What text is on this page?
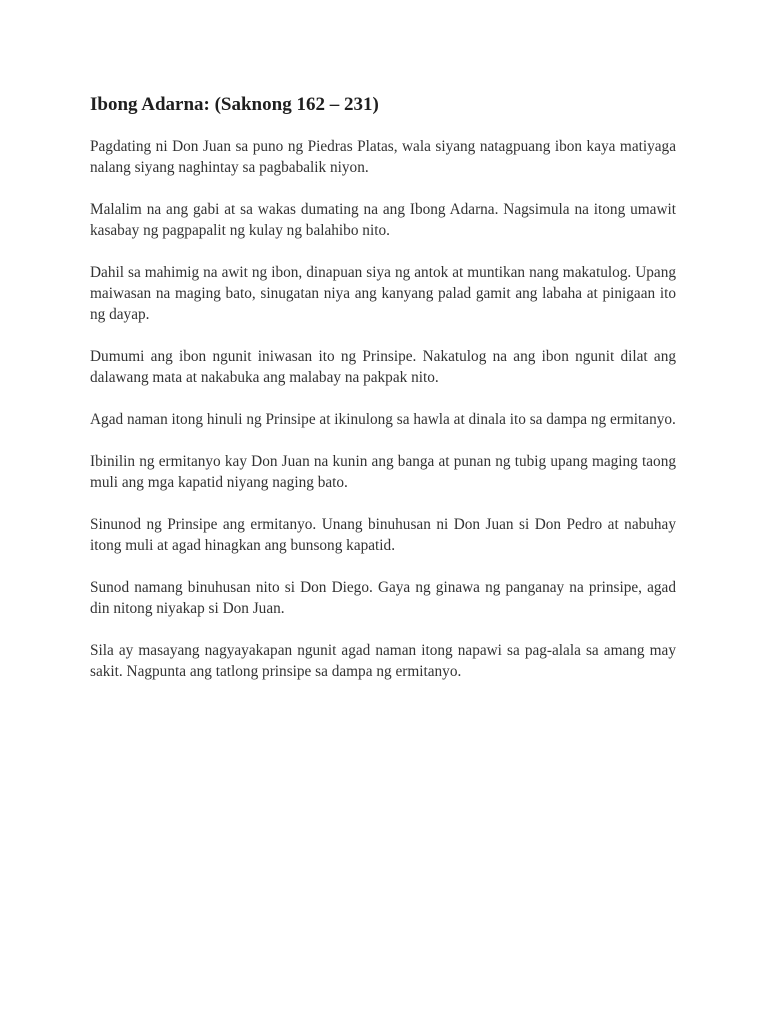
Ibong Adarna: (Saknong 162 – 231)

Pagdating ni Don Juan sa puno ng Piedras Platas, wala siyang natagpuang ibon kaya matiyaga nalang siyang naghintay sa pagbabalik niyon.

Malalim na ang gabi at sa wakas dumating na ang Ibong Adarna. Nagsimula na itong umawit kasabay ng pagpapalit ng kulay ng balahibo nito.

Dahil sa mahimig na awit ng ibon, dinapuan siya ng antok at muntikan nang makatulog. Upang maiwasan na maging bato, sinugatan niya ang kanyang palad gamit ang labaha at pinigaan ito ng dayap.

Dumumi ang ibon ngunit iniwasan ito ng Prinsipe. Nakatulog na ang ibon ngunit dilat ang dalawang mata at nakabuka ang malabay na pakpak nito.

Agad naman itong hinuli ng Prinsipe at ikinulong sa hawla at dinala ito sa dampa ng ermitanyo.

Ibinilin ng ermitanyo kay Don Juan na kunin ang banga at punan ng tubig upang maging taong muli ang mga kapatid niyang naging bato.

Sinunod ng Prinsipe ang ermitanyo. Unang binuhusan ni Don Juan si Don Pedro at nabuhay itong muli at agad hinagkan ang bunsong kapatid.

Sunod namang binuhusan nito si Don Diego. Gaya ng ginawa ng panganay na prinsipe, agad din nitong niyakap si Don Juan.

Sila ay masayang nagyayakapan ngunit agad naman itong napawi sa pag-alala sa amang may sakit. Nagpunta ang tatlong prinsipe sa dampa ng ermitanyo.
